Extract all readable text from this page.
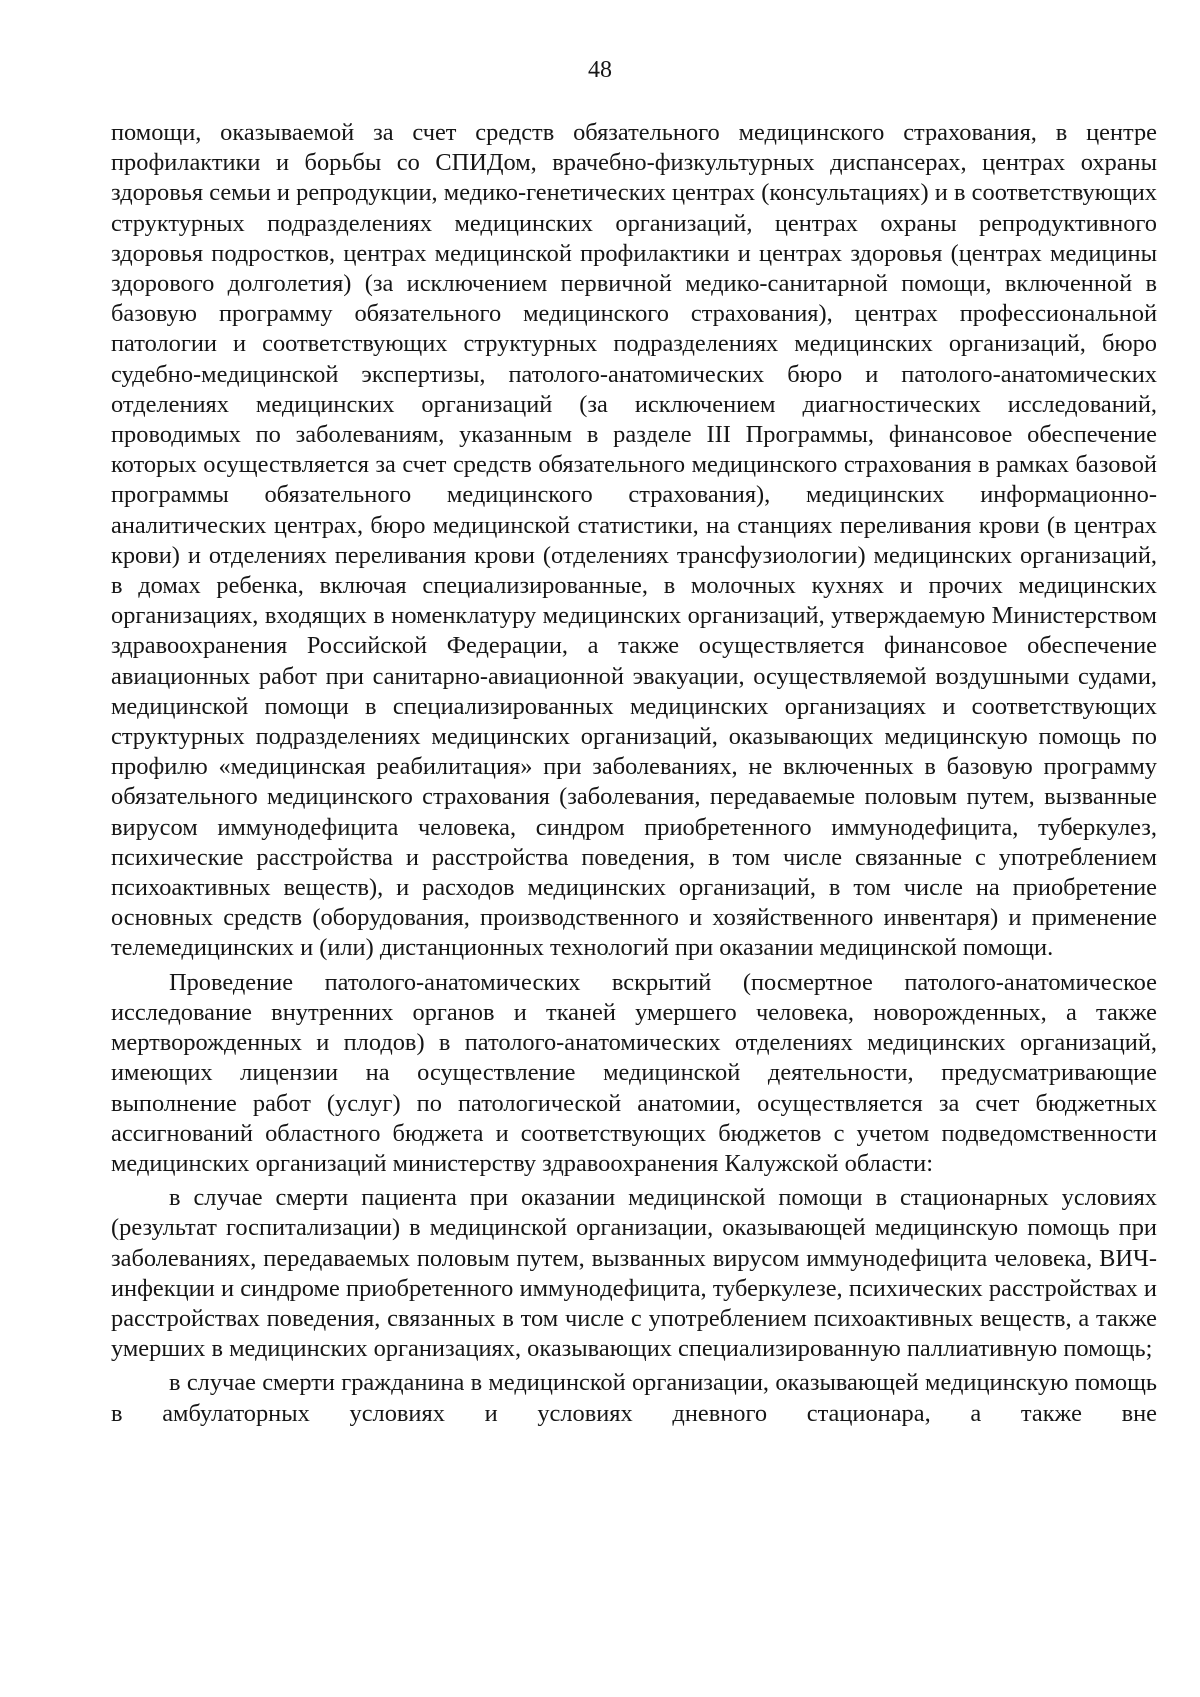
48

помощи, оказываемой за счет средств обязательного медицинского страхования, в центре профилактики и борьбы со СПИДом, врачебно-физкультурных диспансерах, центрах охраны здоровья семьи и репродукции, медико-генетических центрах (консультациях) и в соответствующих структурных подразделениях медицинских организаций, центрах охраны репродуктивного здоровья подростков, центрах медицинской профилактики и центрах здоровья (центрах медицины здорового долголетия) (за исключением первичной медико-санитарной помощи, включенной в базовую программу обязательного медицинского страхования), центрах профессиональной патологии и соответствующих структурных подразделениях медицинских организаций, бюро судебно-медицинской экспертизы, патолого-анатомических бюро и патолого-анатомических отделениях медицинских организаций (за исключением диагностических исследований, проводимых по заболеваниям, указанным в разделе III Программы, финансовое обеспечение которых осуществляется за счет средств обязательного медицинского страхования в рамках базовой программы обязательного медицинского страхования), медицинских информационно-аналитических центрах, бюро медицинской статистики, на станциях переливания крови (в центрах крови) и отделениях переливания крови (отделениях трансфузиологии) медицинских организаций, в домах ребенка, включая специализированные, в молочных кухнях и прочих медицинских организациях, входящих в номенклатуру медицинских организаций, утверждаемую Министерством здравоохранения Российской Федерации, а также осуществляется финансовое обеспечение авиационных работ при санитарно-авиационной эвакуации, осуществляемой воздушными судами, медицинской помощи в специализированных медицинских организациях и соответствующих структурных подразделениях медицинских организаций, оказывающих медицинскую помощь по профилю «медицинская реабилитация» при заболеваниях, не включенных в базовую программу обязательного медицинского страхования (заболевания, передаваемые половым путем, вызванные вирусом иммунодефицита человека, синдром приобретенного иммунодефицита, туберкулез, психические расстройства и расстройства поведения, в том числе связанные с употреблением психоактивных веществ), и расходов медицинских организаций, в том числе на приобретение основных средств (оборудования, производственного и хозяйственного инвентаря) и применение телемедицинских и (или) дистанционных технологий при оказании медицинской помощи.

Проведение патолого-анатомических вскрытий (посмертное патолого-анатомическое исследование внутренних органов и тканей умершего человека, новорожденных, а также мертворожденных и плодов) в патолого-анатомических отделениях медицинских организаций, имеющих лицензии на осуществление медицинской деятельности, предусматривающие выполнение работ (услуг) по патологической анатомии, осуществляется за счет бюджетных ассигнований областного бюджета и соответствующих бюджетов с учетом подведомственности медицинских организаций министерству здравоохранения Калужской области:

в случае смерти пациента при оказании медицинской помощи в стационарных условиях (результат госпитализации) в медицинской организации, оказывающей медицинскую помощь при заболеваниях, передаваемых половым путем, вызванных вирусом иммунодефицита человека, ВИЧ-инфекции и синдроме приобретенного иммунодефицита, туберкулезе, психических расстройствах и расстройствах поведения, связанных в том числе с употреблением психоактивных веществ, а также умерших в медицинских организациях, оказывающих специализированную паллиативную помощь;

в случае смерти гражданина в медицинской организации, оказывающей медицинскую помощь в амбулаторных условиях и условиях дневного стационара, а также вне
